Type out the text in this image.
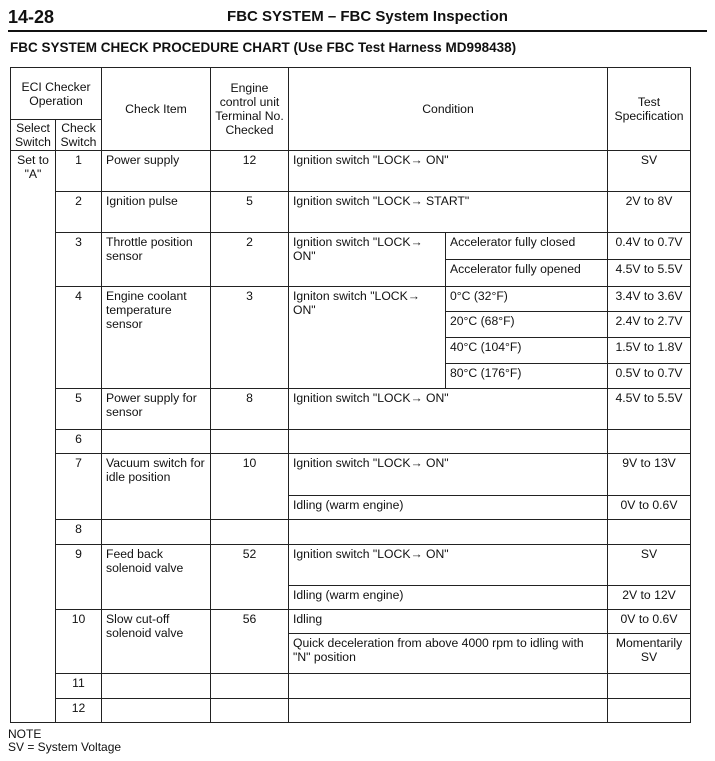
14-28	FBC SYSTEM – FBC System Inspection
FBC SYSTEM CHECK PROCEDURE CHART (Use FBC Test Harness MD998438)
ECI Checker Operation		Check Item	Engine control unit Terminal No. Checked	Condition		Test Specification
Select Switch	Check Switch					
Set to "A"	1	Power supply	12	Ignition switch "LOCK→ ON"		SV
	2	Ignition pulse	5	Ignition switch "LOCK→ START"		2V to 8V
	3	Throttle position sensor	2	Ignition switch "LOCK→ ON"	Accelerator fully closed	0.4V to 0.7V
					Accelerator fully opened	4.5V to 5.5V
	4	Engine coolant temperature sensor	3	Igniton switch "LOCK→ ON"	0°C (32°F)	3.4V to 3.6V
					20°C (68°F)	2.4V to 2.7V
					40°C (104°F)	1.5V to 1.8V
					80°C (176°F)	0.5V to 0.7V
	5	Power supply for sensor	8	Ignition switch "LOCK→ ON"		4.5V to 5.5V
	6					
	7	Vacuum switch for idle position	10	Ignition switch "LOCK→ ON"		9V to 13V
				Idling (warm engine)		0V to 0.6V
	8					
	9	Feed back solenoid valve	52	Ignition switch "LOCK→ ON"		SV
				Idling (warm engine)		2V to 12V
	10	Slow cut-off solenoid valve	56	Idling		0V to 0.6V
				Quick deceleration from above 4000 rpm to idling with "N" position		Momentarily SV
	11					
	12					
NOTE
SV = System Voltage
